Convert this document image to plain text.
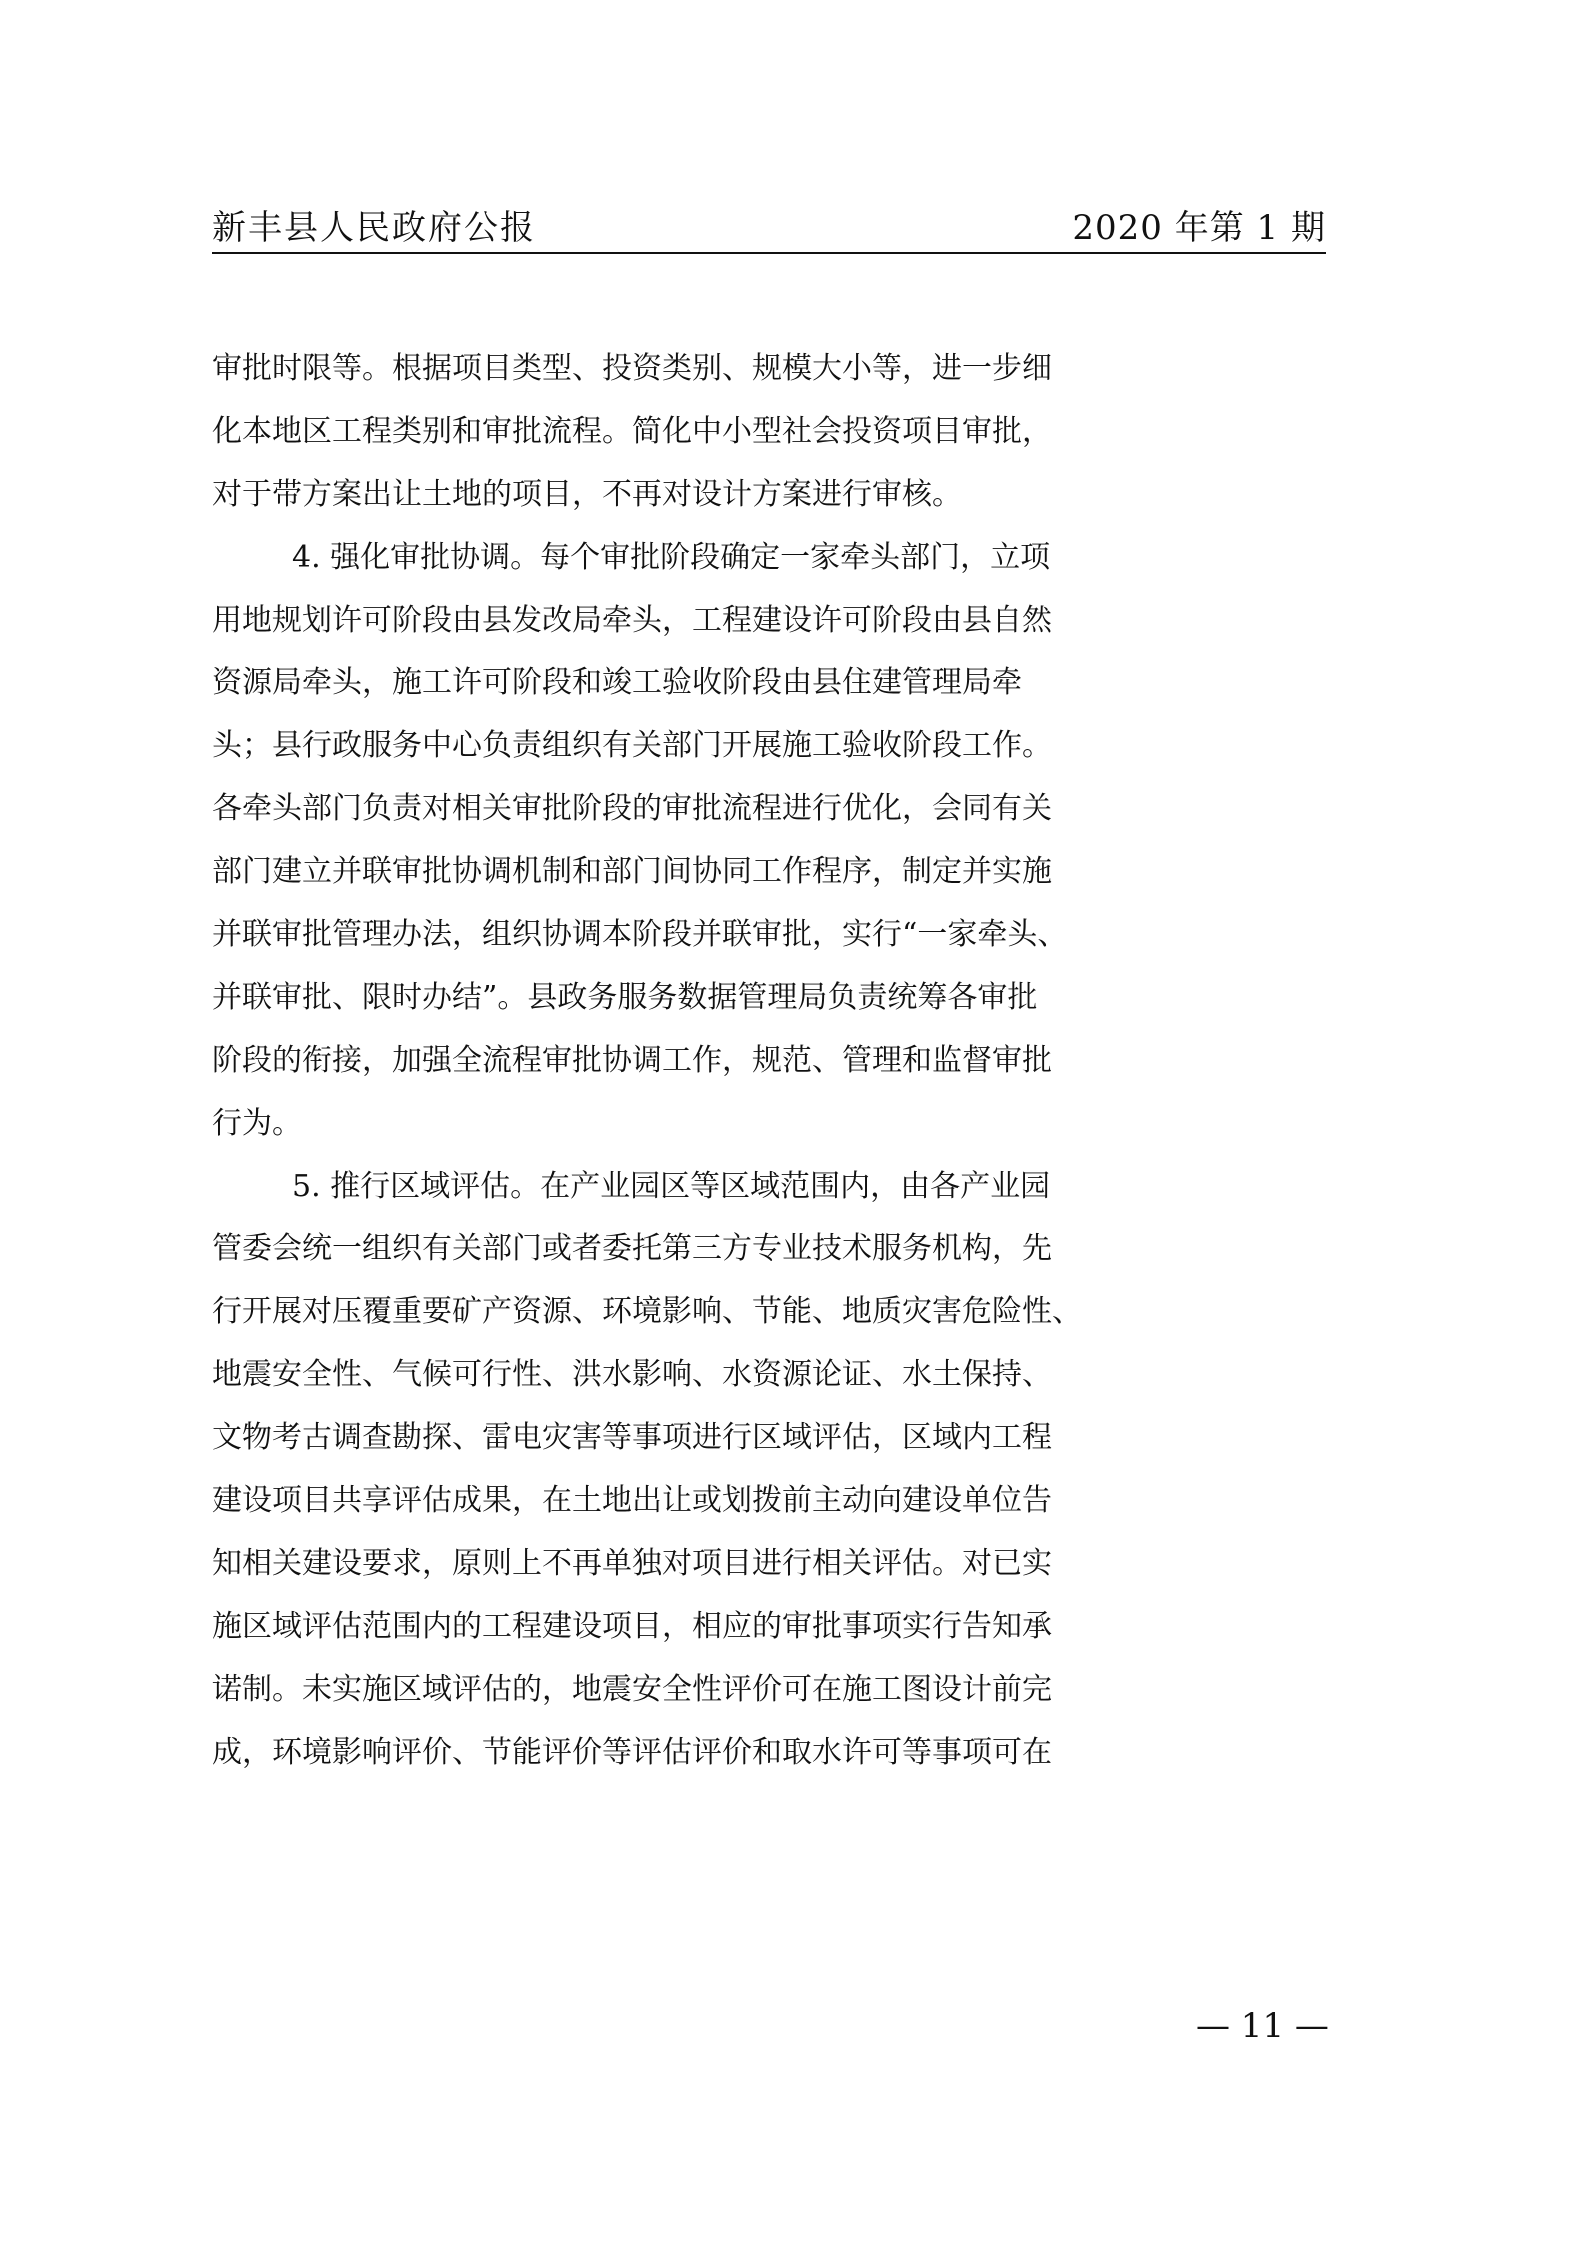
新丰县人民政府公报	2020 年第 1 期
审批时限等。根据项目类型、投资类别、规模大小等，进一步细
化本地区工程类别和审批流程。简化中小型社会投资项目审批，
对于带方案出让土地的项目，不再对设计方案进行审核。
4. 强化审批协调。每个审批阶段确定一家牵头部门，立项
用地规划许可阶段由县发改局牵头，工程建设许可阶段由县自然
资源局牵头，施工许可阶段和竣工验收阶段由县住建管理局牵
头；县行政服务中心负责组织有关部门开展施工验收阶段工作。
各牵头部门负责对相关审批阶段的审批流程进行优化，会同有关
部门建立并联审批协调机制和部门间协同工作程序，制定并实施
并联审批管理办法，组织协调本阶段并联审批，实行“一家牵头、
并联审批、限时办结”。县政务服务数据管理局负责统筹各审批
阶段的衔接，加强全流程审批协调工作，规范、管理和监督审批
行为。
5. 推行区域评估。在产业园区等区域范围内，由各产业园
管委会统一组织有关部门或者委托第三方专业技术服务机构，先
行开展对压覆重要矿产资源、环境影响、节能、地质灾害危险性、
地震安全性、气候可行性、洪水影响、水资源论证、水土保持、
文物考古调查勘探、雷电灾害等事项进行区域评估，区域内工程
建设项目共享评估成果，在土地出让或划拨前主动向建设单位告
知相关建设要求，原则上不再单独对项目进行相关评估。对已实
施区域评估范围内的工程建设项目，相应的审批事项实行告知承
诺制。未实施区域评估的，地震安全性评价可在施工图设计前完
成，环境影响评价、节能评价等评估评价和取水许可等事项可在
— 11 —
